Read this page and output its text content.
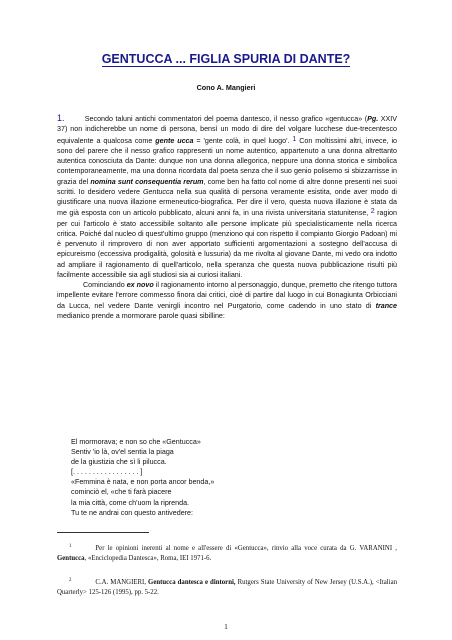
GENTUCCA ... FIGLIA SPURIA DI DANTE?
Cono A. Mangieri

1.	Secondo taluni antichi commentatori del poema dantesco, il nesso grafico «gentucca» (Pg. XXIV 37) non indicherebbe un nome di persona, bensì un modo di dire del volgare lucchese due-trecentesco equivalente a qualcosa come gente ucca = 'gente colà, in quel luogo'. 1 Con moltissimi altri, invece, io sono del parere che il nesso grafico rappresenti un nome autentico, appartenuto a una donna altrettanto autentica conosciuta da Dante: dunque non una donna allegorica, neppure una donna storica e simbolica contemporaneamente, ma una donna ricordata dal poeta senza che il suo genio polisemo si sbizzarrisse in grazia del nomina sunt consequentia rerum, come ben ha fatto col nome di altre donne presenti nei suoi scritti. Io desidero vedere Gentucca nella sua qualità di persona veramente esistita, onde aver modo di giustificare una nuova illazione ermeneutico-biografica. Per dire il vero, questa nuova illazione è stata da me già esposta con un articolo pubblicato, alcuni anni fa, in una rivista universitaria statunitense, 2 ragion per cui l'articolo è stato accessibile soltanto alle persone implicate più specialisticamente nella ricerca critica. Poiché dal nucleo di quest'ultimo gruppo (menziono qui con rispetto il compianto Giorgio Padoan) mi è pervenuto il rimprovero di non aver apportato sufficienti argomentazioni a sostegno dell'accusa di epicureismo (eccessiva prodigalità, golosità e lussuria) da me rivolta al giovane Dante, mi vedo ora indotto ad ampliare il ragionamento di quell'articolo, nella speranza che questa nuova pubblicazione risulti più facilmente accessibile sia agli studiosi sia ai curiosi italiani.

Cominciando ex novo il ragionamento intorno al personaggio, dunque, premetto che ritengo tuttora impellente evitare l'errore commesso finora dai critici, cioè di partire dal luogo in cui Bonagiunta Orbicciani da Lucca, nel vedere Dante venirgli incontro nel Purgatorio, come cadendo in uno stato di trance medianico prende a mormorare parole quasi sibilline:

El mormorava; e non so che «Gentucca»
Sentiv 'io là, ov'el sentia la piaga
de la giustizia che sì li pilucca.
[. . . . . . . . . . . . . . . . . ]
«Femmina è nata, e non porta ancor benda,»
cominciò el, «che ti farà piacere
la mia città, come ch'uom la riprenda.
Tu te ne andrai con questo antivedere:
$^1$	Per le opinioni inerenti al nome e all'essere di «Gentucca», rinvio alla voce curata da G. VARANINI , Gentucca, «Enciclopedia Dantesca», Roma, IEI 1971-6.
$^2$	C.A. MANGIERI, Gentucca dantesca e dintorni, Rutgers State University of New Jersey (U.S.A.), <Italian Quarterly> 125-126 (1995), pp. 5-22.
1
